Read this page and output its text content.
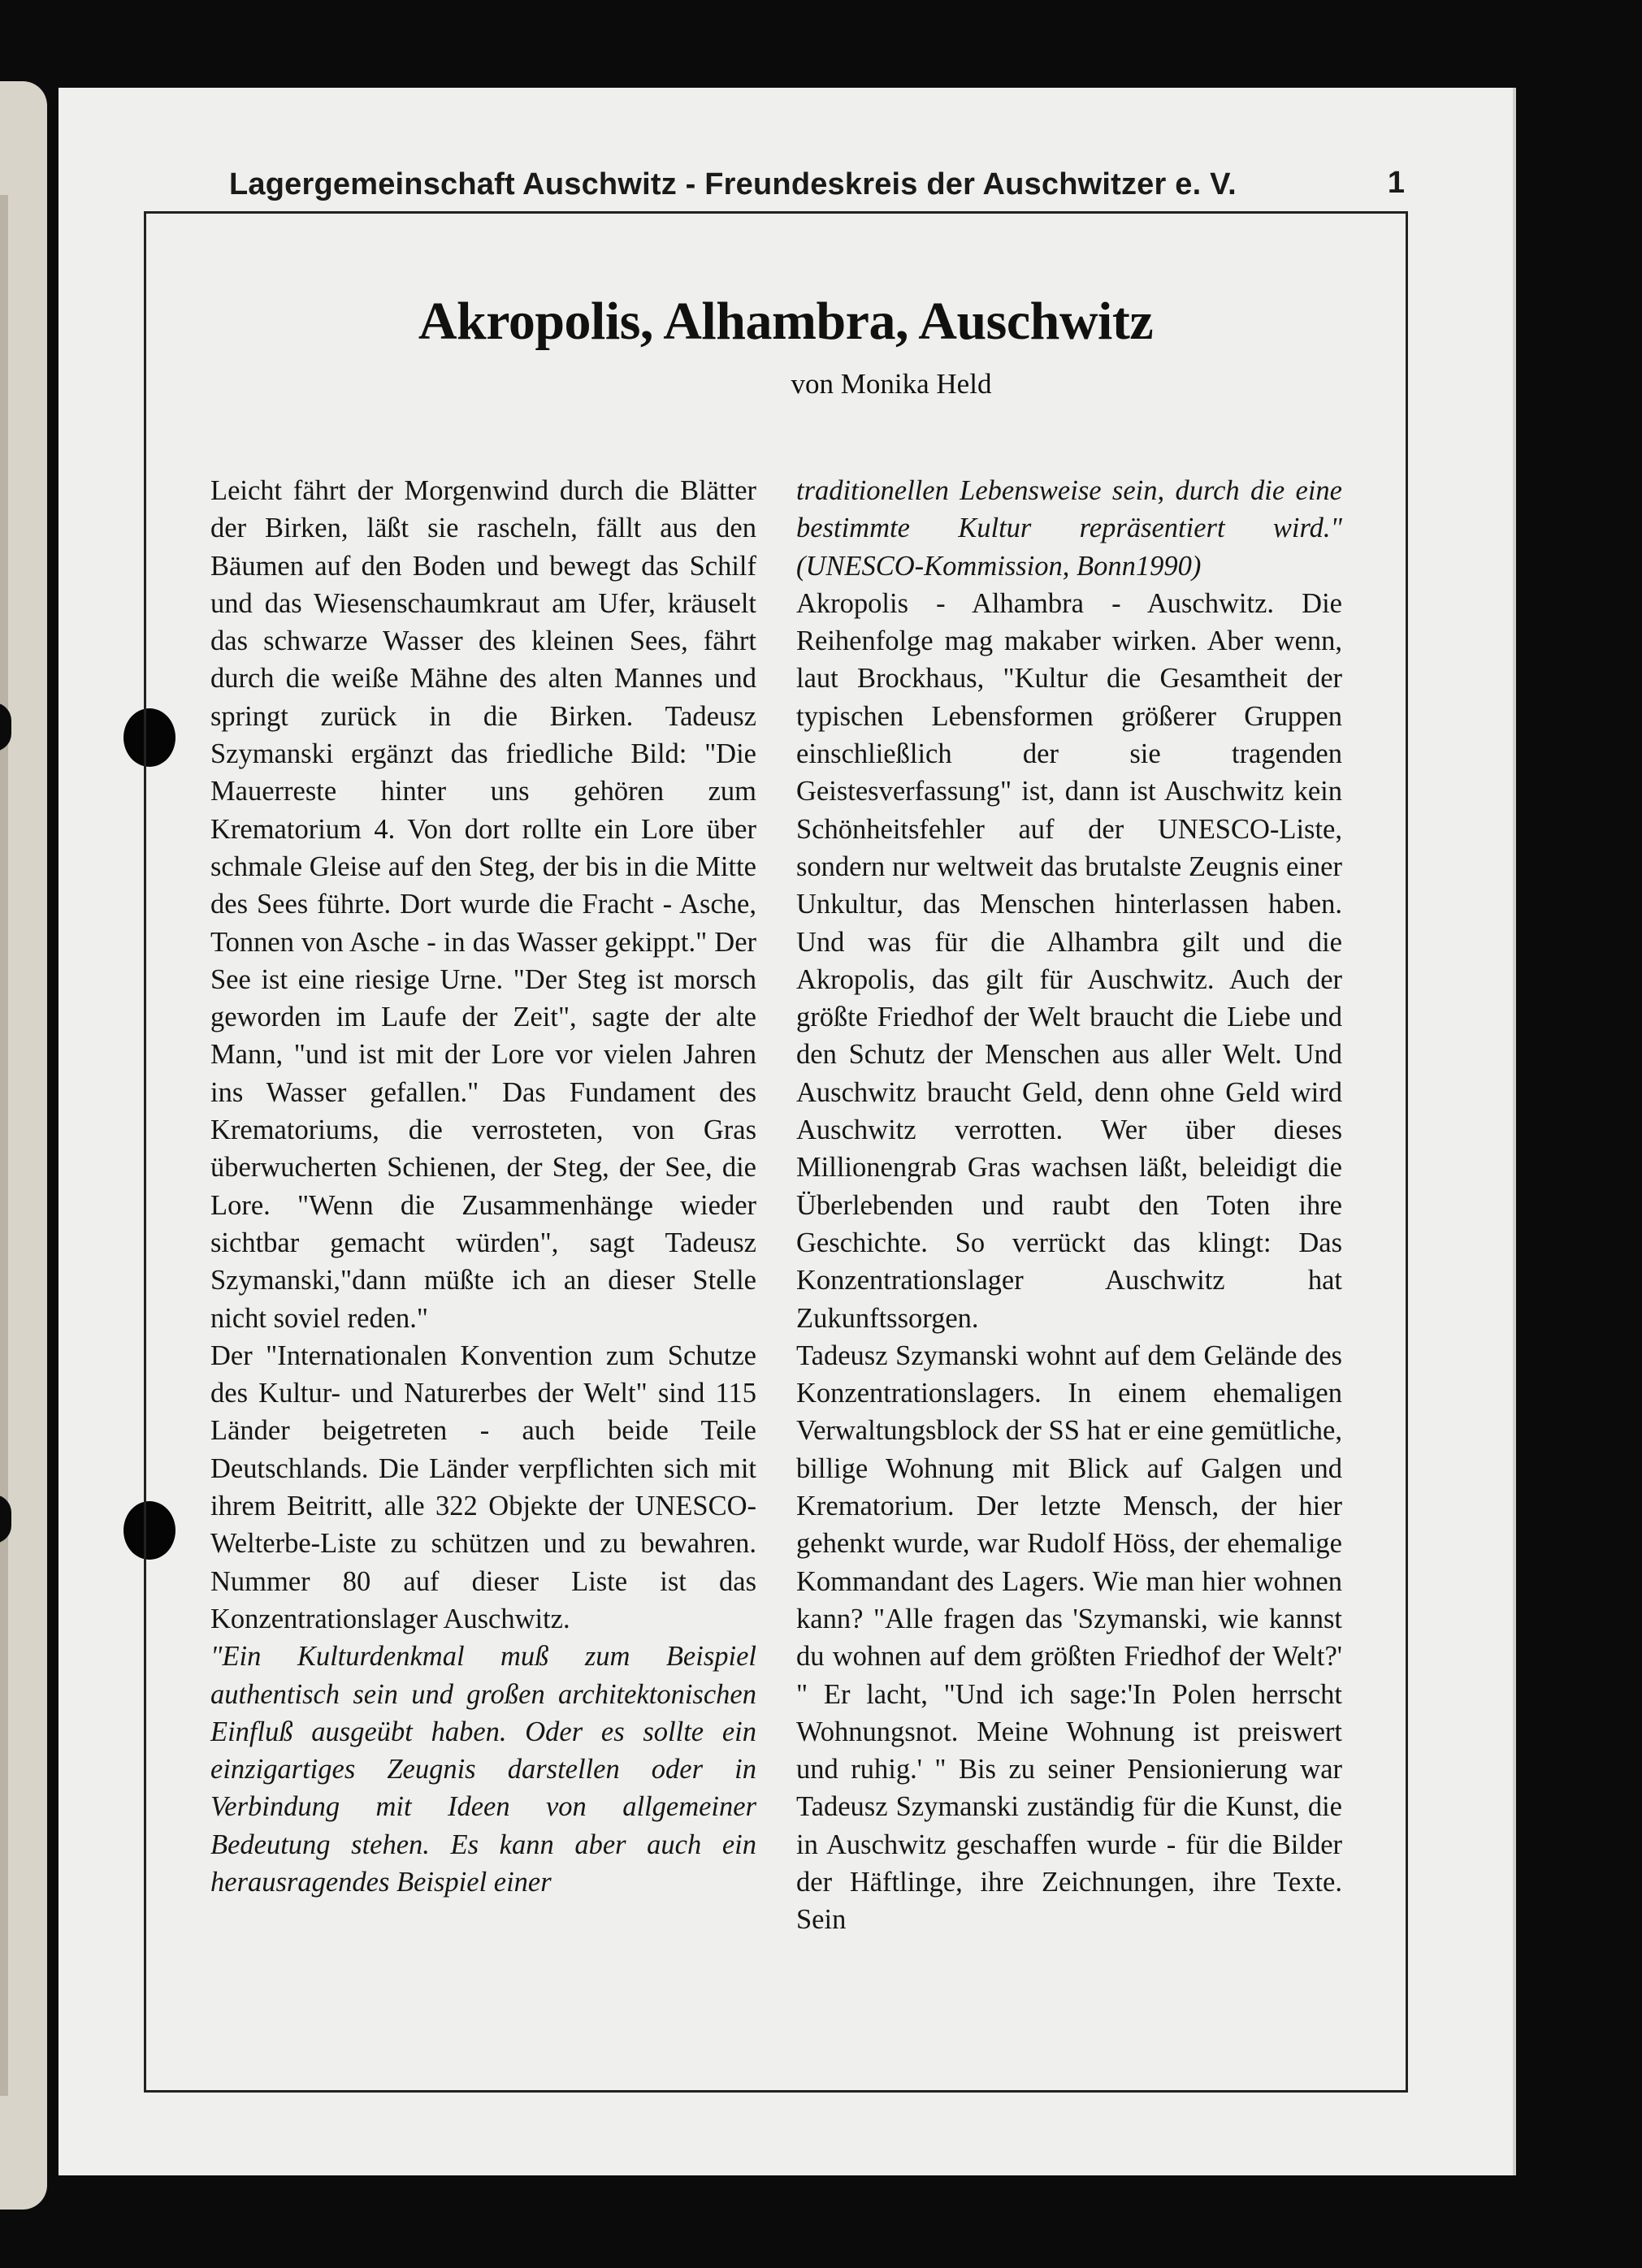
Lagergemeinschaft Auschwitz - Freundeskreis der Auschwitzer e. V.	1
Akropolis, Alhambra, Auschwitz
von Monika Held

Leicht fährt der Morgenwind durch die Blätter der Birken, läßt sie rascheln, fällt aus den Bäumen auf den Boden und bewegt das Schilf und das Wiesenschaumkraut am Ufer, kräuselt das schwarze Wasser des kleinen Sees, fährt durch die weiße Mähne des alten Mannes und springt zurück in die Birken. Tadeusz Szymanski ergänzt das friedliche Bild: "Die Mauerreste hinter uns gehören zum Krematorium 4. Von dort rollte ein Lore über schmale Gleise auf den Steg, der bis in die Mitte des Sees führte. Dort wurde die Fracht - Asche, Tonnen von Asche - in das Wasser gekippt." Der See ist eine riesige Urne. "Der Steg ist morsch geworden im Laufe der Zeit", sagte der alte Mann, "und ist mit der Lore vor vielen Jahren ins Wasser gefallen." Das Fundament des Krematoriums, die verrosteten, von Gras überwucherten Schienen, der Steg, der See, die Lore. "Wenn die Zusammenhänge wieder sichtbar gemacht würden", sagt Tadeusz Szymanski,"dann müßte ich an dieser Stelle nicht soviel reden."

Der "Internationalen Konvention zum Schutze des Kultur- und Naturerbes der Welt" sind 115 Länder beigetreten - auch beide Teile Deutschlands. Die Länder verpflichten sich mit ihrem Beitritt, alle 322 Objekte der UNESCO-Welterbe-Liste zu schützen und zu bewahren. Nummer 80 auf dieser Liste ist das Konzentrationslager Auschwitz.

"Ein Kulturdenkmal muß zum Beispiel authentisch sein und großen architektonischen Einfluß ausgeübt haben. Oder es sollte ein einzigartiges Zeugnis darstellen oder in Verbindung mit Ideen von allgemeiner Bedeutung stehen. Es kann aber auch ein herausragendes Beispiel einer

traditionellen Lebensweise sein, durch die eine bestimmte Kultur repräsentiert wird." (UNESCO-Kommission, Bonn1990)

Akropolis - Alhambra - Auschwitz. Die Reihenfolge mag makaber wirken. Aber wenn, laut Brockhaus, "Kultur die Gesamtheit der typischen Lebensformen größerer Gruppen einschließlich der sie tragenden Geistesverfassung" ist, dann ist Auschwitz kein Schönheitsfehler auf der UNESCO-Liste, sondern nur weltweit das brutalste Zeugnis einer Unkultur, das Menschen hinterlassen haben. Und was für die Alhambra gilt und die Akropolis, das gilt für Auschwitz. Auch der größte Friedhof der Welt braucht die Liebe und den Schutz der Menschen aus aller Welt. Und Auschwitz braucht Geld, denn ohne Geld wird Auschwitz verrotten. Wer über dieses Millionengrab Gras wachsen läßt, beleidigt die Überlebenden und raubt den Toten ihre Geschichte. So verrückt das klingt: Das Konzentrationslager Auschwitz hat Zukunftssorgen.

Tadeusz Szymanski wohnt auf dem Gelände des Konzentrationslagers. In einem ehemaligen Verwaltungsblock der SS hat er eine gemütliche, billige Wohnung mit Blick auf Galgen und Krematorium. Der letzte Mensch, der hier gehenkt wurde, war Rudolf Höss, der ehemalige Kommandant des Lagers. Wie man hier wohnen kann? "Alle fragen das 'Szymanski, wie kannst du wohnen auf dem größten Friedhof der Welt?' " Er lacht, "Und ich sage:'In Polen herrscht Wohnungsnot. Meine Wohnung ist preiswert und ruhig.' " Bis zu seiner Pensionierung war Tadeusz Szymanski zuständig für die Kunst, die in Auschwitz geschaffen wurde - für die Bilder der Häftlinge, ihre Zeichnungen, ihre Texte. Sein
